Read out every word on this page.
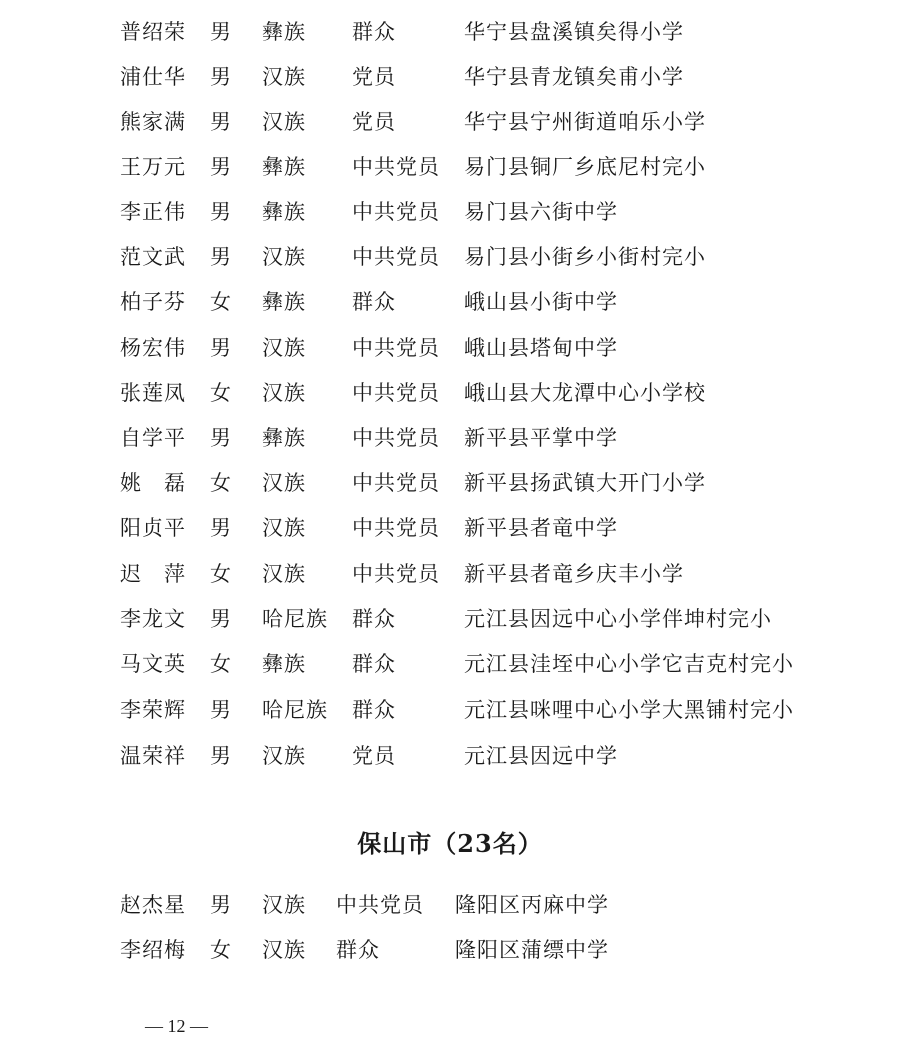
普绍荣 男 彝族 群众	华宁县盘溪镇矣得小学
浦仕华 男 汉族 党员	华宁县青龙镇矣甫小学
熊家满 男 汉族 党员	华宁县宁州街道咱乐小学
王万元 男 彝族 中共党员 易门县铜厂乡底尼村完小
李正伟 男 彝族 中共党员 易门县六街中学
范文武 男 汉族 中共党员 易门县小街乡小街村完小
柏子芬 女 彝族 群众	峨山县小街中学
杨宏伟 男 汉族 中共党员 峨山县塔甸中学
张莲凤 女 汉族 中共党员 峨山县大龙潭中心小学校
自学平 男 彝族 中共党员 新平县平掌中学
姚　磊 女 汉族 中共党员 新平县扬武镇大开门小学
阳贞平 男 汉族 中共党员 新平县者竜中学
迟　萍 女 汉族 中共党员 新平县者竜乡庆丰小学
李龙文 男 哈尼族 群众	元江县因远中心小学伴坤村完小
马文英 女 彝族 群众	元江县洼垤中心小学它吉克村完小
李荣辉 男 哈尼族 群众	元江县咪哩中心小学大黑铺村完小
温荣祥 男 汉族 党员	元江县因远中学
保山市（23名）
赵杰星 男 汉族 中共党员 隆阳区丙麻中学
李绍梅 女 汉族 群众	隆阳区蒲缥中学
— 12 —
